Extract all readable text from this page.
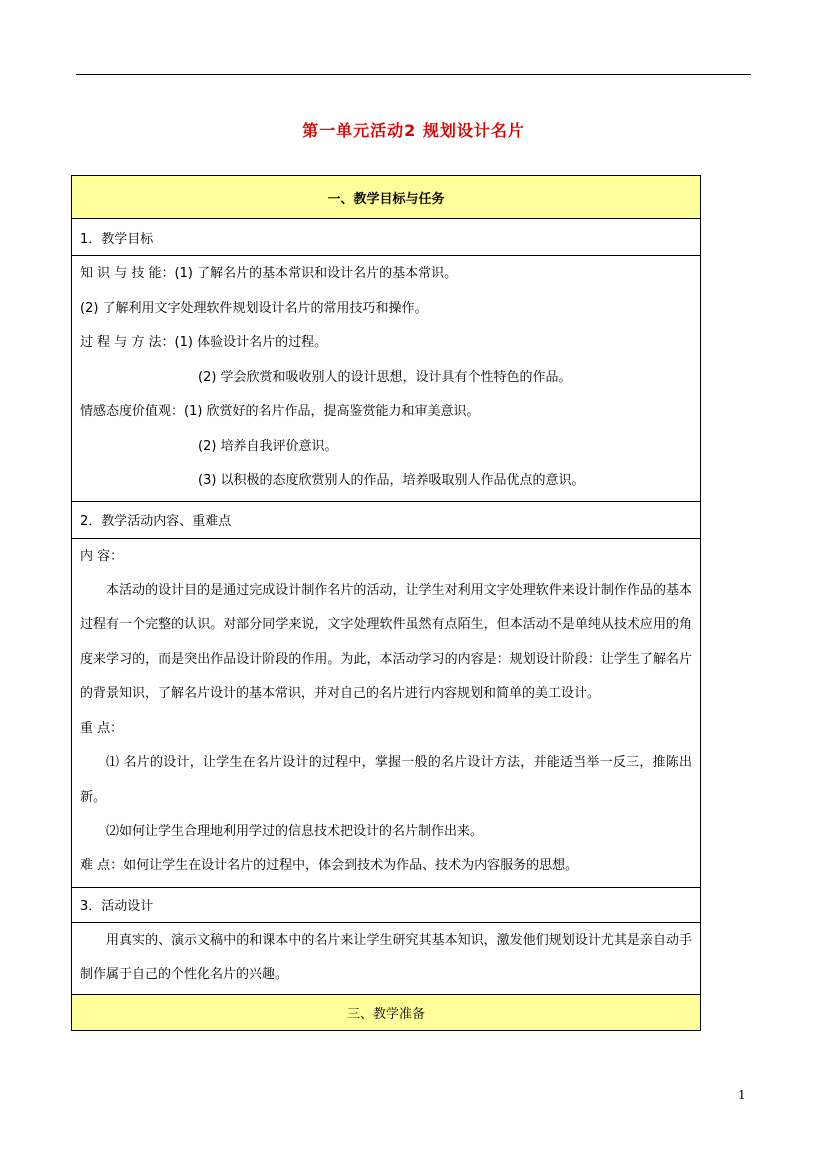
第一单元活动2 规划设计名片
一、教学目标与任务
1．教学目标

知 识 与 技 能：(1) 了解名片的基本常识和设计名片的基本常识。
(2) 了解利用文字处理软件规划设计名片的常用技巧和操作。
过 程 与 方 法：(1) 体验设计名片的过程。
(2) 学会欣赏和吸收别人的设计思想，设计具有个性特色的作品。
情感态度价值观：(1) 欣赏好的名片作品，提高鉴赏能力和审美意识。
(2) 培养自我评价意识。
(3) 以积极的态度欣赏别人的作品，培养吸取别人作品优点的意识。

2．教学活动内容、重难点

内 容：
本活动的设计目的是通过完成设计制作名片的活动，让学生对利用文字处理软件来设计制作作品的基本过程有一个完整的认识。对部分同学来说，文字处理软件虽然有点陌生，但本活动不是单纯从技术应用的角度来学习的，而是突出作品设计阶段的作用。为此，本活动学习的内容是：规划设计阶段：让学生了解名片的背景知识，了解名片设计的基本常识，并对自己的名片进行内容规划和简单的美工设计。
重 点：
⑴ 名片的设计，让学生在名片设计的过程中，掌握一般的名片设计方法，并能适当举一反三，推陈出新。
⑵如何让学生合理地利用学过的信息技术把设计的名片制作出来。
难 点：如何让学生在设计名片的过程中，体会到技术为作品、技术为内容服务的思想。

3．活动设计

用真实的、演示文稿中的和课本中的名片来让学生研究其基本知识，激发他们规划设计尤其是亲自动手制作属于自己的个性化名片的兴趣。

三、教学准备
1
